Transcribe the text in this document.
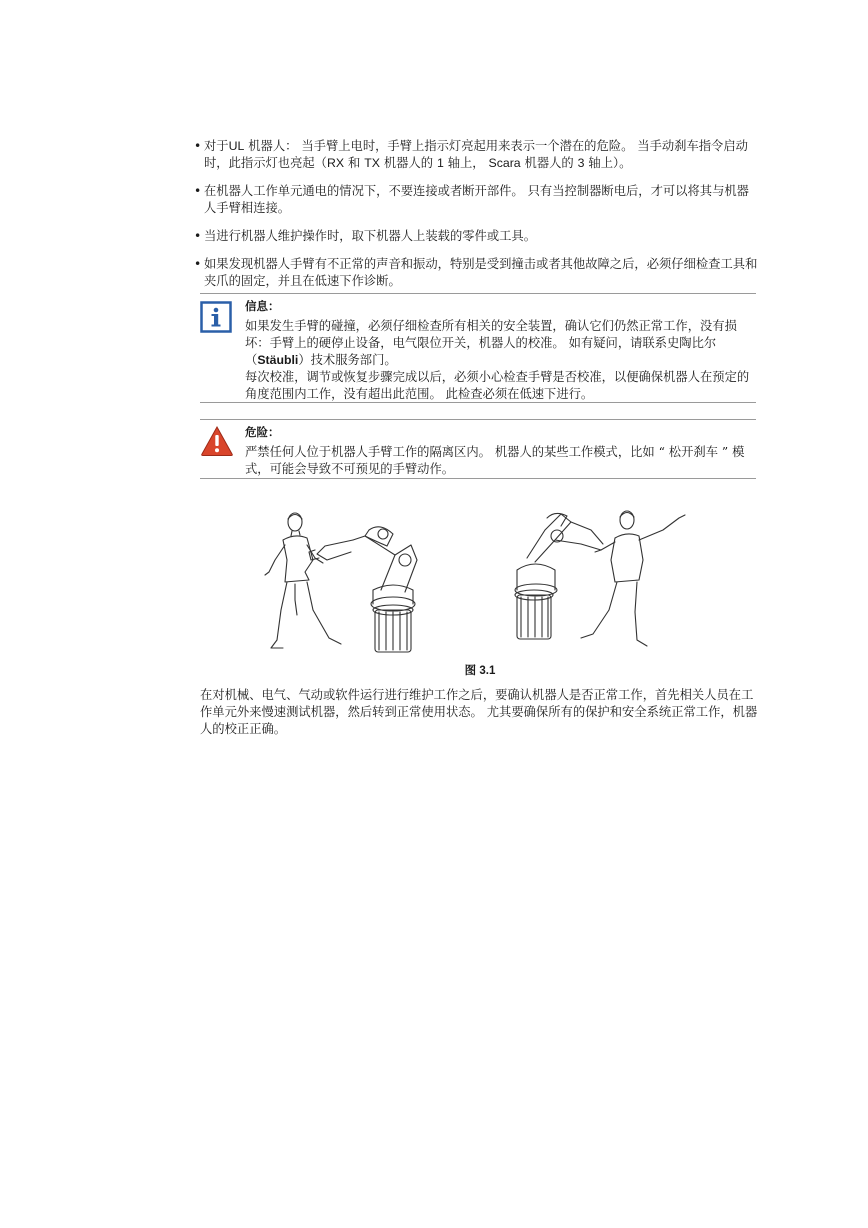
• 对于UL 机器人： 当手臂上电时，手臂上指示灯亮起用来表示一个潜在的危险。 当手动刹车指令启动时，此指示灯也亮起（RX 和 TX 机器人的 1 轴上， Scara 机器人的 3 轴上）。
• 在机器人工作单元通电的情况下，不要连接或者断开部件。 只有当控制器断电后，才可以将其与机器人手臂相连接。
• 当进行机器人维护操作时，取下机器人上装载的零件或工具。
• 如果发现机器人手臂有不正常的声音和振动，特别是受到撞击或者其他故障之后，必须仔细检查工具和夹爪的固定，并且在低速下作诊断。
信息：

如果发生手臂的碰撞，必须仔细检查所有相关的安全装置，确认它们仍然正常工作，没有损坏：手臂上的硬停止设备，电气限位开关，机器人的校准。 如有疑问，请联系史陶比尔（Stäubli）技术服务部门。

每次校准，调节或恢复步骤完成以后，必须小心检查手臂是否校准，以便确保机器人在预定的角度范围内工作，没有超出此范围。 此检查必须在低速下进行。

危险：

严禁任何人位于机器人手臂工作的隔离区内。 机器人的某些工作模式，比如 “ 松开刹车 ” 模式，可能会导致不可预见的手臂动作。

图 3.1
在对机械、电气、气动或软件运行进行维护工作之后，要确认机器人是否正常工作，首先相关人员在工作单元外来慢速测试机器，然后转到正常使用状态。 尤其要确保所有的保护和安全系统正常工作，机器人的校正正确。
